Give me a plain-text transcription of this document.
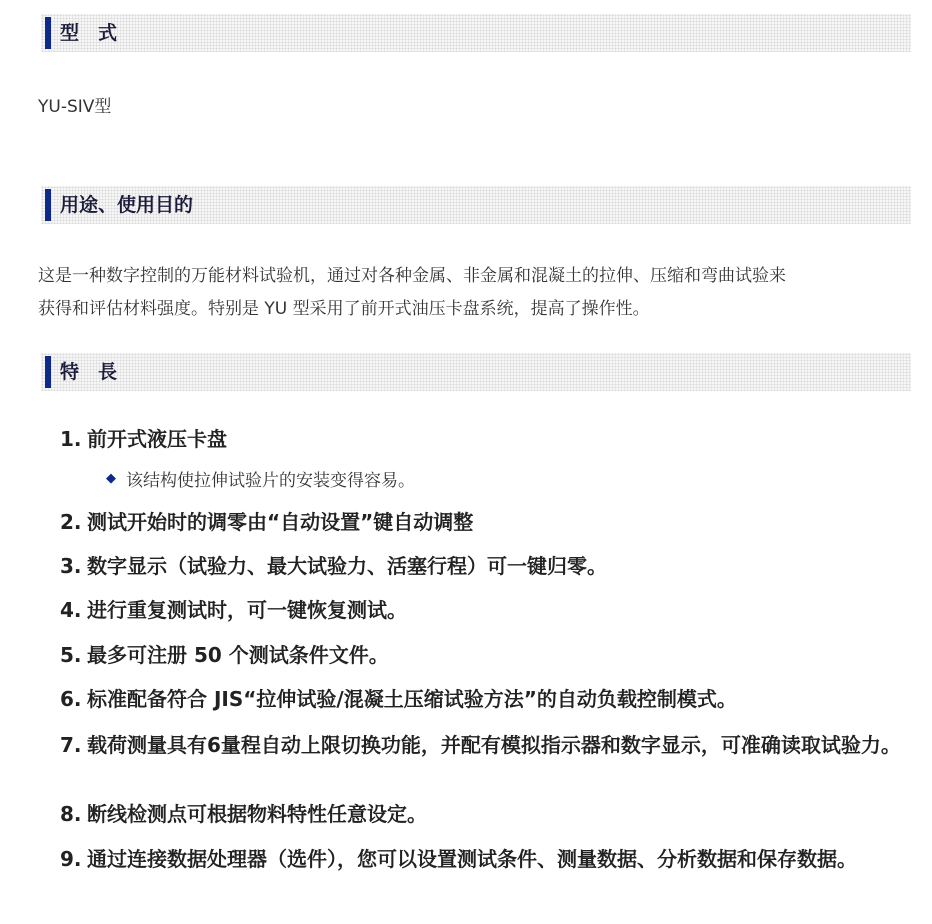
型　式
YU-SIV型
用途、使用目的
这是一种数字控制的万能材料试验机，通过对各种金属、非金属和混凝土的拉伸、压缩和弯曲试验来
获得和评估材料强度。特别是 YU 型采用了前开式油压卡盘系统，提高了操作性。
特　長
1. 前开式液压卡盘
◆ 该结构使拉伸试验片的安装变得容易。
2. 测试开始时的调零由“自动设置”键自动调整
3. 数字显示（试验力、最大试验力、活塞行程）可一键归零。
4. 进行重复测试时，可一键恢复测试。
5. 最多可注册 50 个测试条件文件。
6. 标准配备符合 JIS“拉伸试验/混凝土压缩试验方法”的自动负载控制模式。
7. 载荷测量具有6量程自动上限切换功能，并配有模拟指示器和数字显示，可准确读取试验力。
8. 断线检测点可根据物料特性任意设定。
9. 通过连接数据处理器（选件），您可以设置测试条件、测量数据、分析数据和保存数据。
